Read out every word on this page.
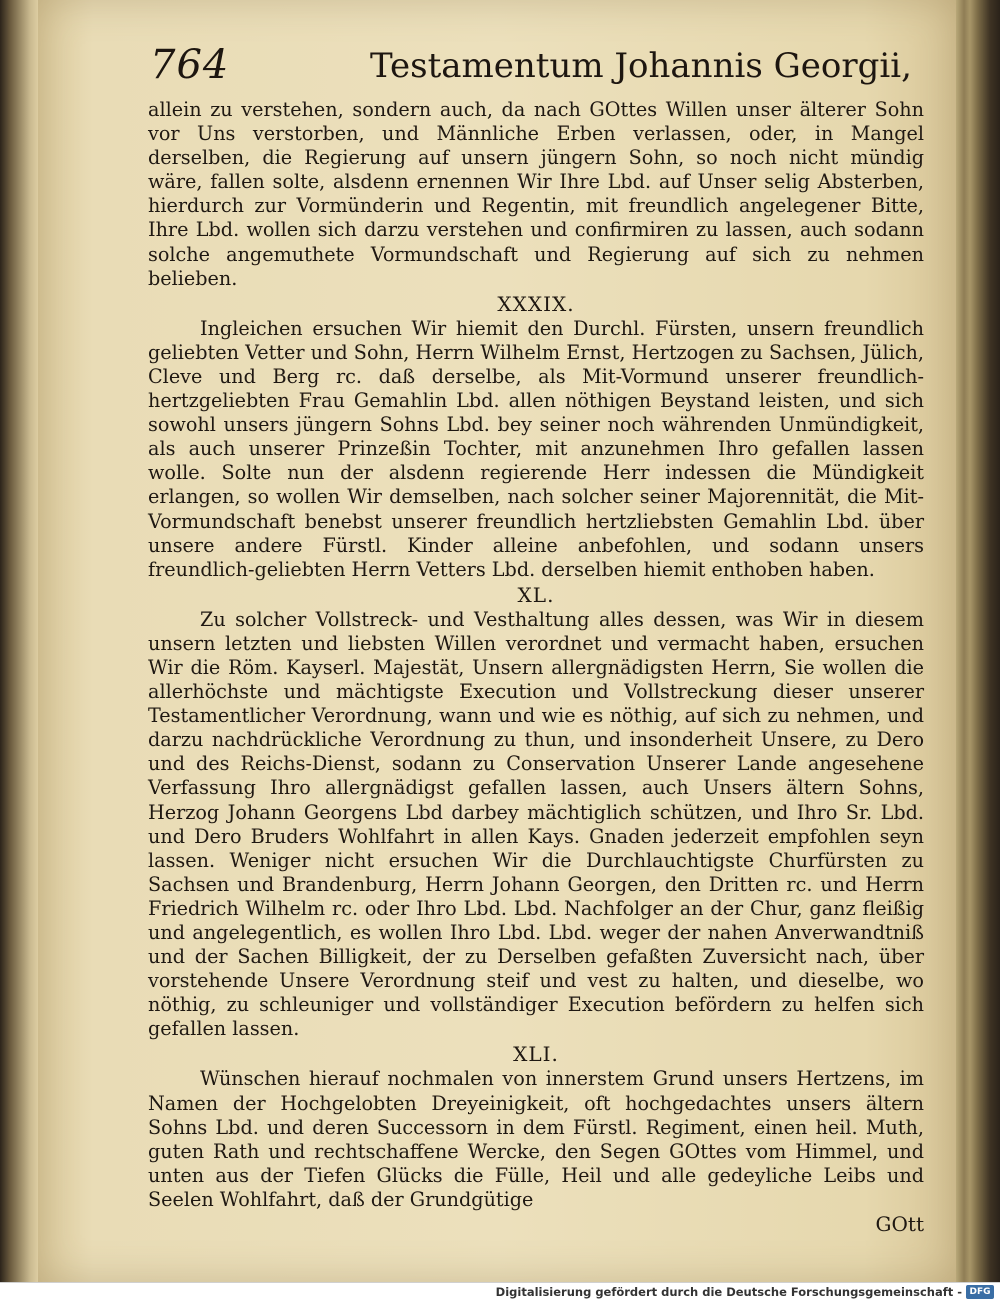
764	Testamentum Johannis Georgii,

allein zu verstehen, sondern auch, da nach GOttes Willen unser älterer Sohn vor Uns verstorben, und Männliche Erben verlassen, oder, in Mangel derselben, die Regierung auf unsern jüngern Sohn, so noch nicht mündig wäre, fallen solte, alsdenn ernennen Wir Ihre Lbd. auf Unser selig Absterben, hierdurch zur Vormünderin und Regentin, mit freundlich angelegener Bitte, Ihre Lbd. wollen sich darzu verstehen und confirmiren zu lassen, auch sodann solche angemuthete Vormundschaft und Regierung auf sich zu nehmen belieben.

XXXIX.

Ingleichen ersuchen Wir hiemit den Durchl. Fürsten, unsern freundlich geliebten Vetter und Sohn, Herrn Wilhelm Ernst, Hertzogen zu Sachsen, Jülich, Cleve und Berg rc. daß derselbe, als Mit-Vormund unserer freundlich-hertzgeliebten Frau Gemahlin Lbd. allen nöthigen Beystand leisten, und sich sowohl unsers jüngern Sohns Lbd. bey seiner noch währenden Unmündigkeit, als auch unserer Prinzeßin Tochter, mit anzunehmen Ihro gefallen lassen wolle. Solte nun der alsdenn regierende Herr indessen die Mündigkeit erlangen, so wollen Wir demselben, nach solcher seiner Majorennität, die Mit-Vormundschaft benebst unserer freundlich hertzliebsten Gemahlin Lbd. über unsere andere Fürstl. Kinder alleine anbefohlen, und sodann unsers freundlich-geliebten Herrn Vetters Lbd. derselben hiemit enthoben haben.

XL.

Zu solcher Vollstreck- und Vesthaltung alles dessen, was Wir in diesem unsern letzten und liebsten Willen verordnet und vermacht haben, ersuchen Wir die Röm. Kayserl. Majestät, Unsern allergnädigsten Herrn, Sie wollen die allerhöchste und mächtigste Execution und Vollstreckung dieser unserer Testamentlicher Verordnung, wann und wie es nöthig, auf sich zu nehmen, und darzu nachdrückliche Verordnung zu thun, und insonderheit Unsere, zu Dero und des Reichs-Dienst, sodann zu Conservation Unserer Lande angesehene Verfassung Ihro allergnädigst gefallen lassen, auch Unsers ältern Sohns, Herzog Johann Georgens Lbd darbey mächtiglich schützen, und Ihro Sr. Lbd. und Dero Bruders Wohlfahrt in allen Kays. Gnaden jederzeit empfohlen seyn lassen. Weniger nicht ersuchen Wir die Durchlauchtigste Churfürsten zu Sachsen und Brandenburg, Herrn Johann Georgen, den Dritten rc. und Herrn Friedrich Wilhelm rc. oder Ihro Lbd. Lbd. Nachfolger an der Chur, ganz fleißig und angelegentlich, es wollen Ihro Lbd. Lbd. weger der nahen Anverwandtniß und der Sachen Billigkeit, der zu Derselben gefaßten Zuversicht nach, über vorstehende Unsere Verordnung steif und vest zu halten, und dieselbe, wo nöthig, zu schleuniger und vollständiger Execution befördern zu helfen sich gefallen lassen.

XLI.

Wünschen hierauf nochmalen von innerstem Grund unsers Hertzens, im Namen der Hochgelobten Dreyeinigkeit, oft hochgedachtes unsers ältern Sohns Lbd. und deren Successorn in dem Fürstl. Regiment, einen heil. Muth, guten Rath und rechtschaffene Wercke, den Segen GOttes vom Himmel, und unten aus der Tiefen Glücks die Fülle, Heil und alle gedeyliche Leibs und Seelen Wohlfahrt, daß der Grundgütige

GOtt
Digitalisierung gefördert durch die Deutsche Forschungsgemeinschaft - DFG
